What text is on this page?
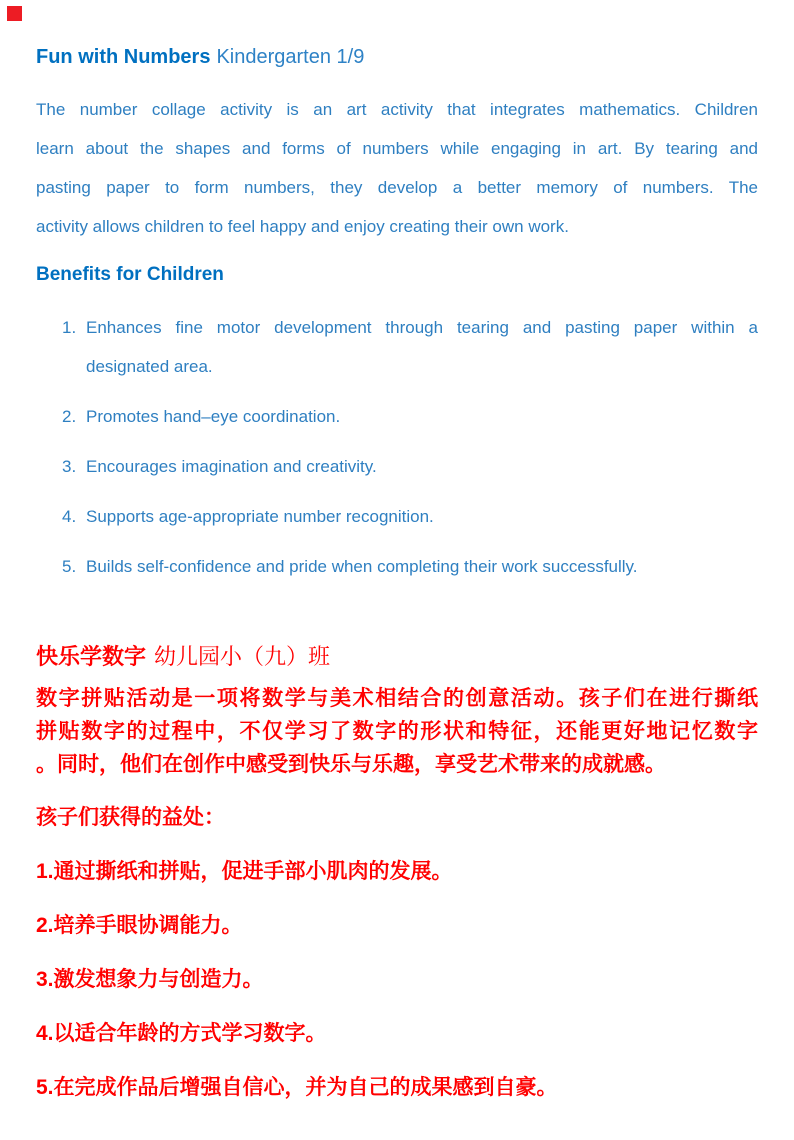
Fun with Numbers Kindergarten 1/9
The number collage activity is an art activity that integrates mathematics. Children
learn about the shapes and forms of numbers while engaging in art. By tearing and
pasting paper to form numbers, they develop a better memory of numbers. The
activity allows children to feel happy and enjoy creating their own work.
Benefits for Children
1. Enhances fine motor development through tearing and pasting paper within a
designated area.
2. Promotes hand–eye coordination.
3. Encourages imagination and creativity.
4. Supports age-appropriate number recognition.
5. Builds self-confidence and pride when completing their work successfully.
快乐学数字 幼儿园小（九）班
数字拼贴活动是一项将数学与美术相结合的创意活动。孩子们在进行撕纸
拼贴数字的过程中，不仅学习了数字的形状和特征，还能更好地记忆数字
。同时，他们在创作中感受到快乐与乐趣，享受艺术带来的成就感。
孩子们获得的益处：
1.通过撕纸和拼贴，促进手部小肌肉的发展。
2.培养手眼协调能力。
3.激发想象力与创造力。
4.以适合年龄的方式学习数字。
5.在完成作品后增强自信心，并为自己的成果感到自豪。
